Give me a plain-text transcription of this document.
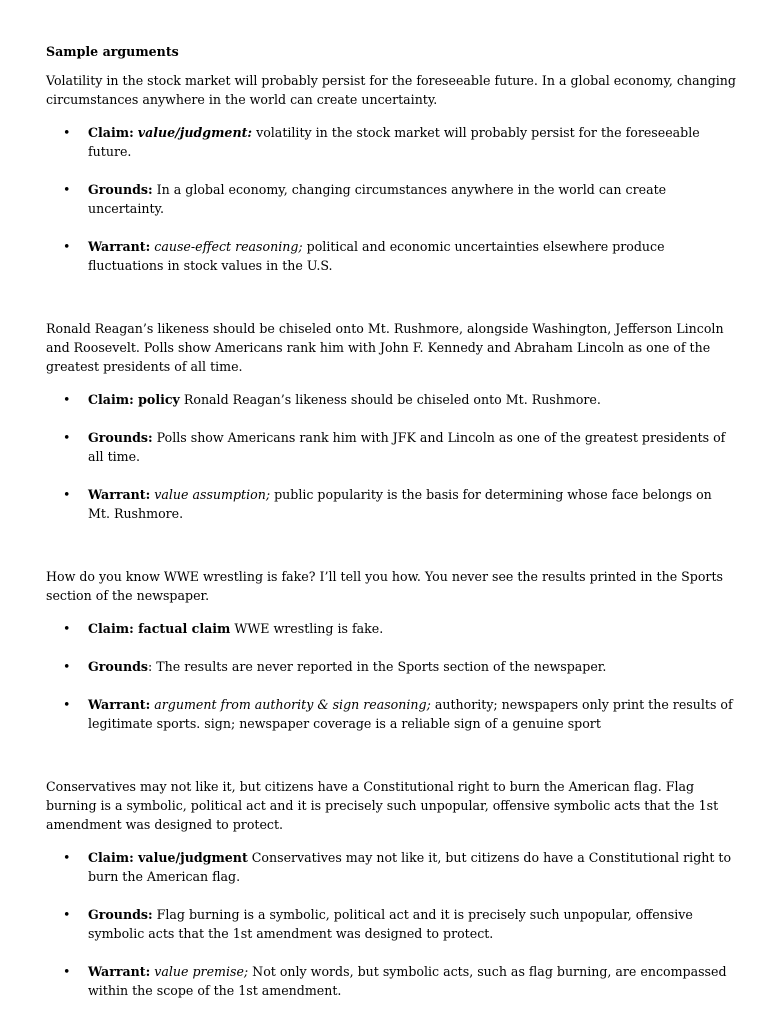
Sample arguments

Volatility in the stock market will probably persist for the foreseeable future. In a global economy, changing circumstances anywhere in the world can create uncertainty.

• Claim: value/judgment: volatility in the stock market will probably persist for the foreseeable future.
• Grounds: In a global economy, changing circumstances anywhere in the world can create uncertainty.
• Warrant: cause-effect reasoning; political and economic uncertainties elsewhere produce fluctuations in stock values in the U.S.

Ronald Reagan’s likeness should be chiseled onto Mt. Rushmore, alongside Washington, Jefferson Lincoln and Roosevelt. Polls show Americans rank him with John F. Kennedy and Abraham Lincoln as one of the greatest presidents of all time.

• Claim: policy Ronald Reagan’s likeness should be chiseled onto Mt. Rushmore.
• Grounds: Polls show Americans rank him with JFK and Lincoln as one of the greatest presidents of all time.
• Warrant: value assumption; public popularity is the basis for determining whose face belongs on Mt. Rushmore.

How do you know WWE wrestling is fake? I’ll tell you how. You never see the results printed in the Sports section of the newspaper.

• Claim: factual claim WWE wrestling is fake.
• Grounds: The results are never reported in the Sports section of the newspaper.
• Warrant: argument from authority & sign reasoning; authority; newspapers only print the results of legitimate sports. sign; newspaper coverage is a reliable sign of a genuine sport

Conservatives may not like it, but citizens have a Constitutional right to burn the American flag. Flag burning is a symbolic, political act and it is precisely such unpopular, offensive symbolic acts that the 1st amendment was designed to protect.

• Claim: value/judgment Conservatives may not like it, but citizens do have a Constitutional right to burn the American flag.
• Grounds: Flag burning is a symbolic, political act and it is precisely such unpopular, offensive symbolic acts that the 1st amendment was designed to protect.
• Warrant: value premise; Not only words, but symbolic acts, such as flag burning, are encompassed within the scope of the 1st amendment.
